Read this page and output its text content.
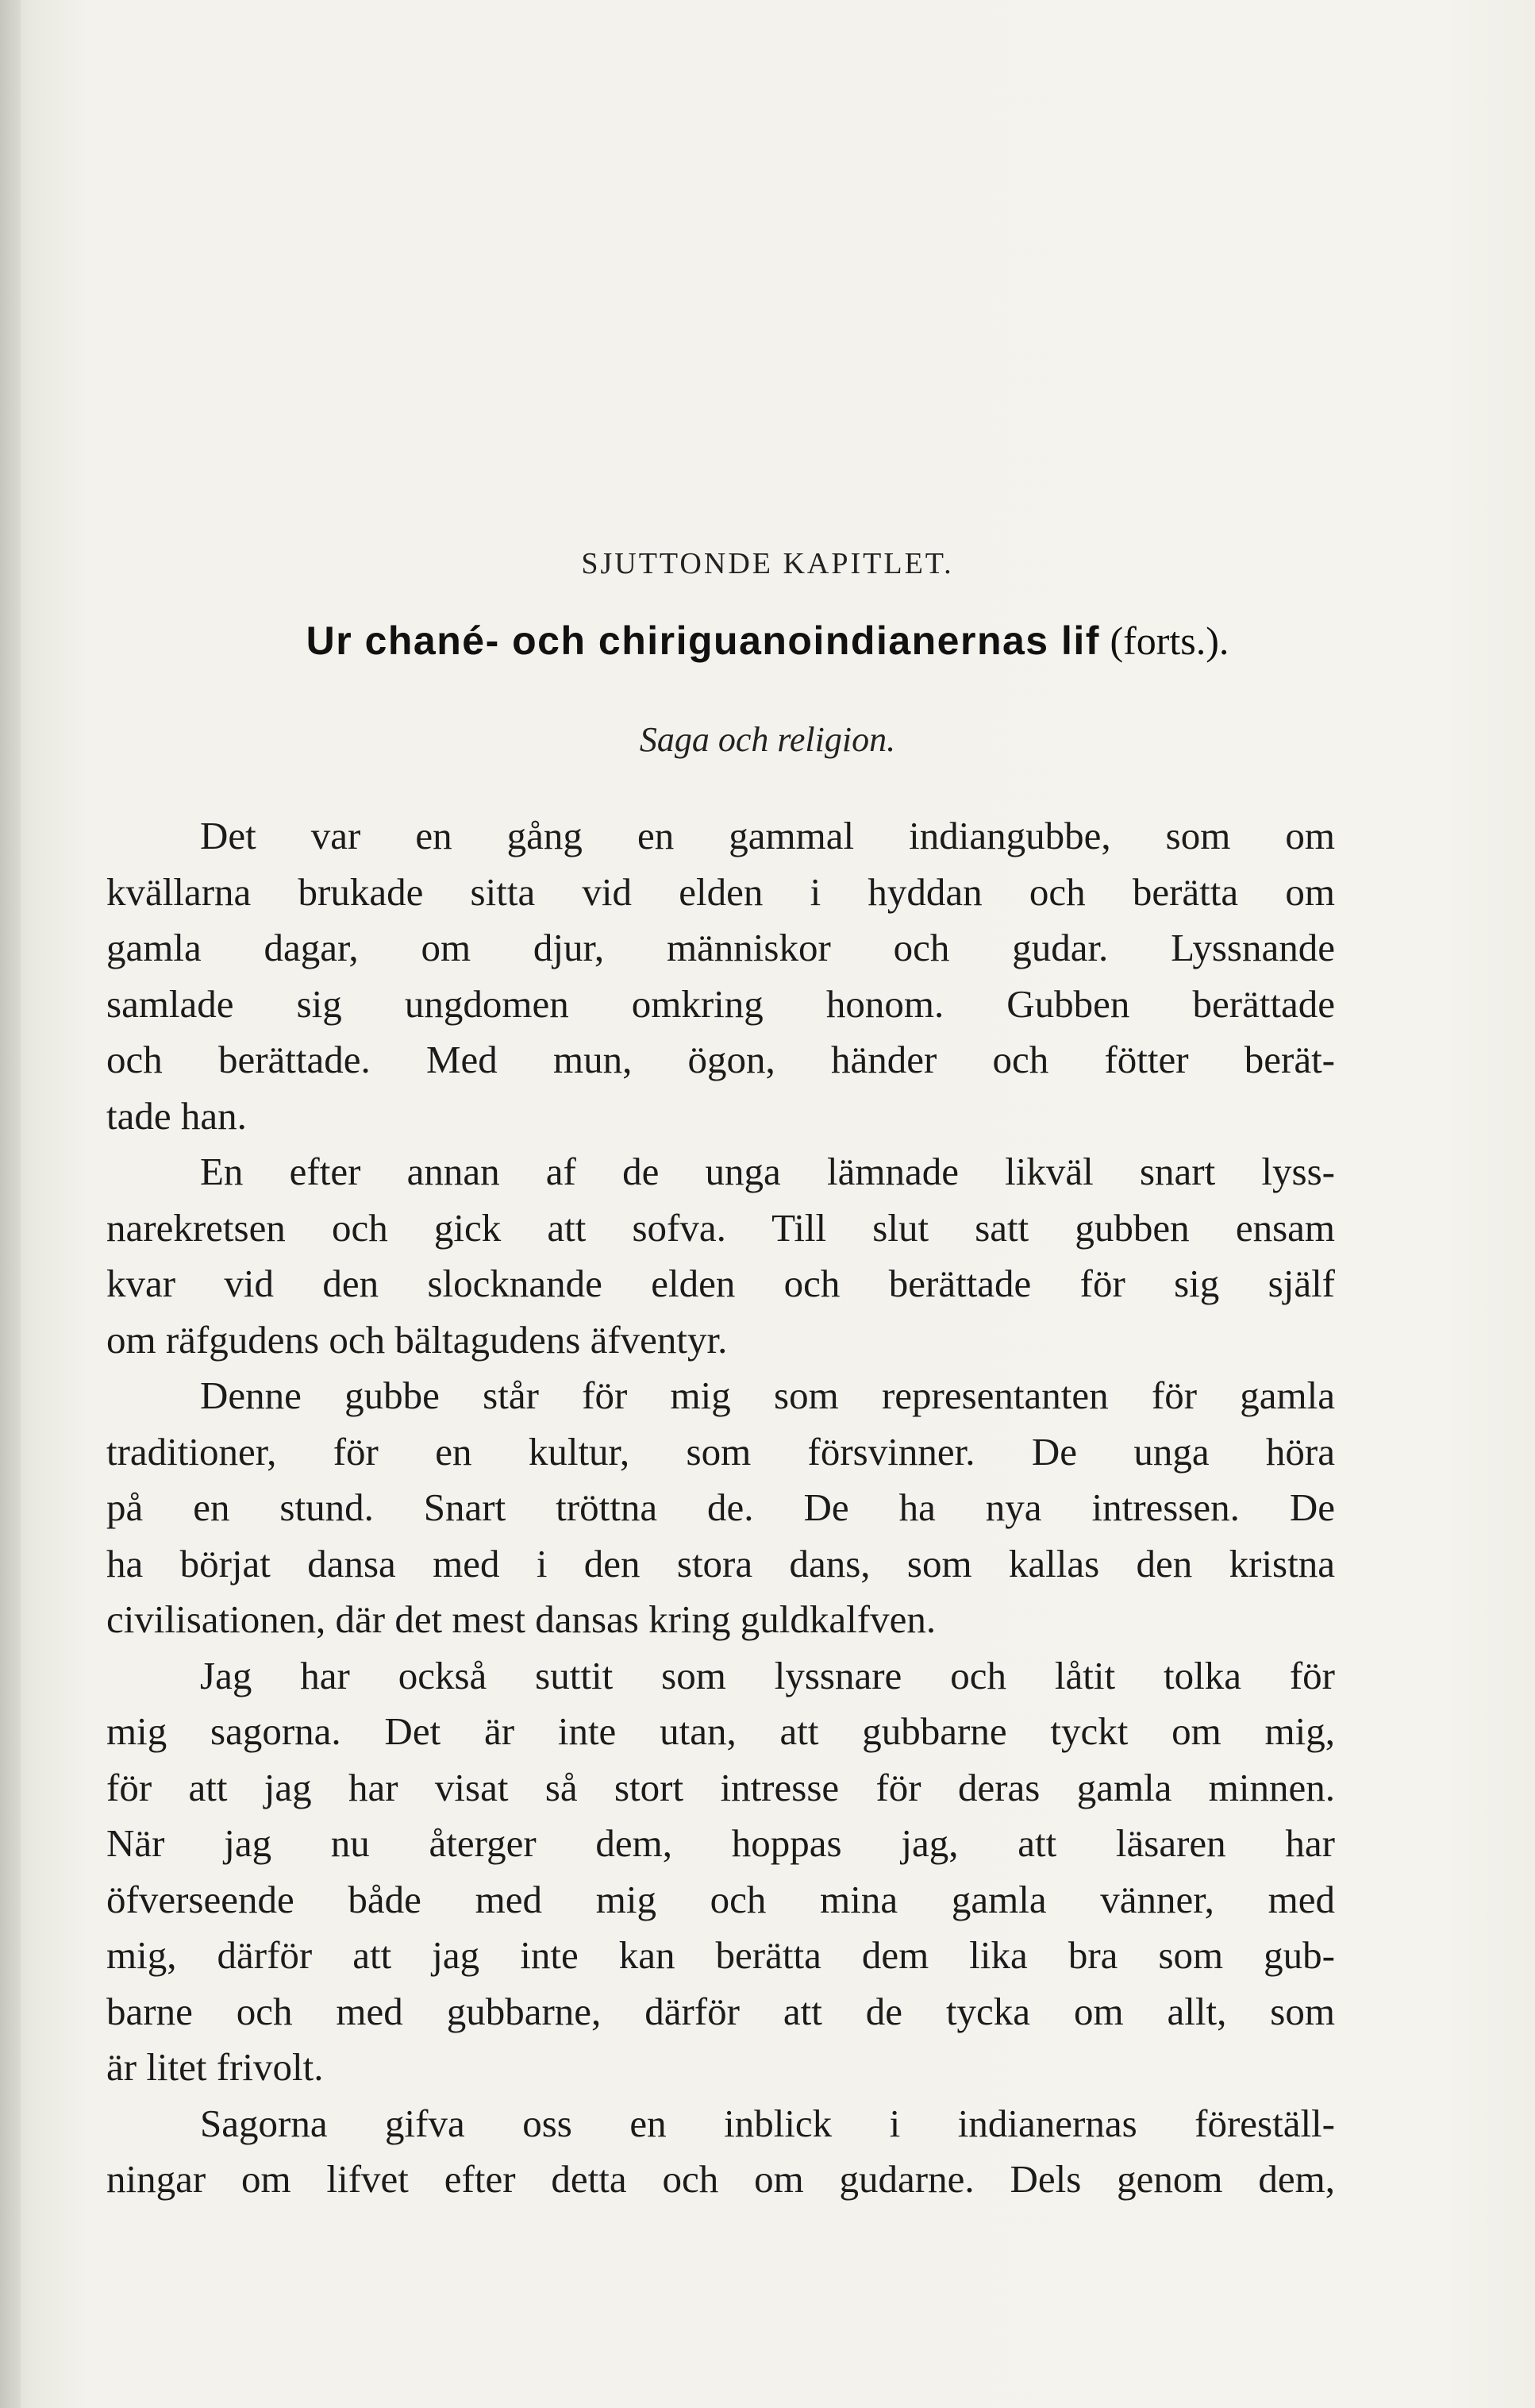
SJUTTONDE KAPITLET.
Ur chané- och chiriguanoindianernas lif (forts.).
Saga och religion.
Det var en gång en gammal indiangubbe, som om
kvällarna brukade sitta vid elden i hyddan och berätta om
gamla dagar, om djur, människor och gudar. Lyssnande
samlade sig ungdomen omkring honom. Gubben berättade
och berättade. Med mun, ögon, händer och fötter berät-
tade han.
En efter annan af de unga lämnade likväl snart lyss-
narekretsen och gick att sofva. Till slut satt gubben ensam
kvar vid den slocknande elden och berättade för sig själf
om räfgudens och bältagudens äfventyr.
Denne gubbe står för mig som representanten för gamla
traditioner, för en kultur, som försvinner. De unga höra
på en stund. Snart tröttna de. De ha nya intressen. De
ha börjat dansa med i den stora dans, som kallas den kristna
civilisationen, där det mest dansas kring guldkalfven.
Jag har också suttit som lyssnare och låtit tolka för
mig sagorna. Det är inte utan, att gubbarne tyckt om mig,
för att jag har visat så stort intresse för deras gamla minnen.
När jag nu återger dem, hoppas jag, att läsaren har
öfverseende både med mig och mina gamla vänner, med
mig, därför att jag inte kan berätta dem lika bra som gub-
barne och med gubbarne, därför att de tycka om allt, som
är litet frivolt.
Sagorna gifva oss en inblick i indianernas föreställ-
ningar om lifvet efter detta och om gudarne. Dels genom dem,
